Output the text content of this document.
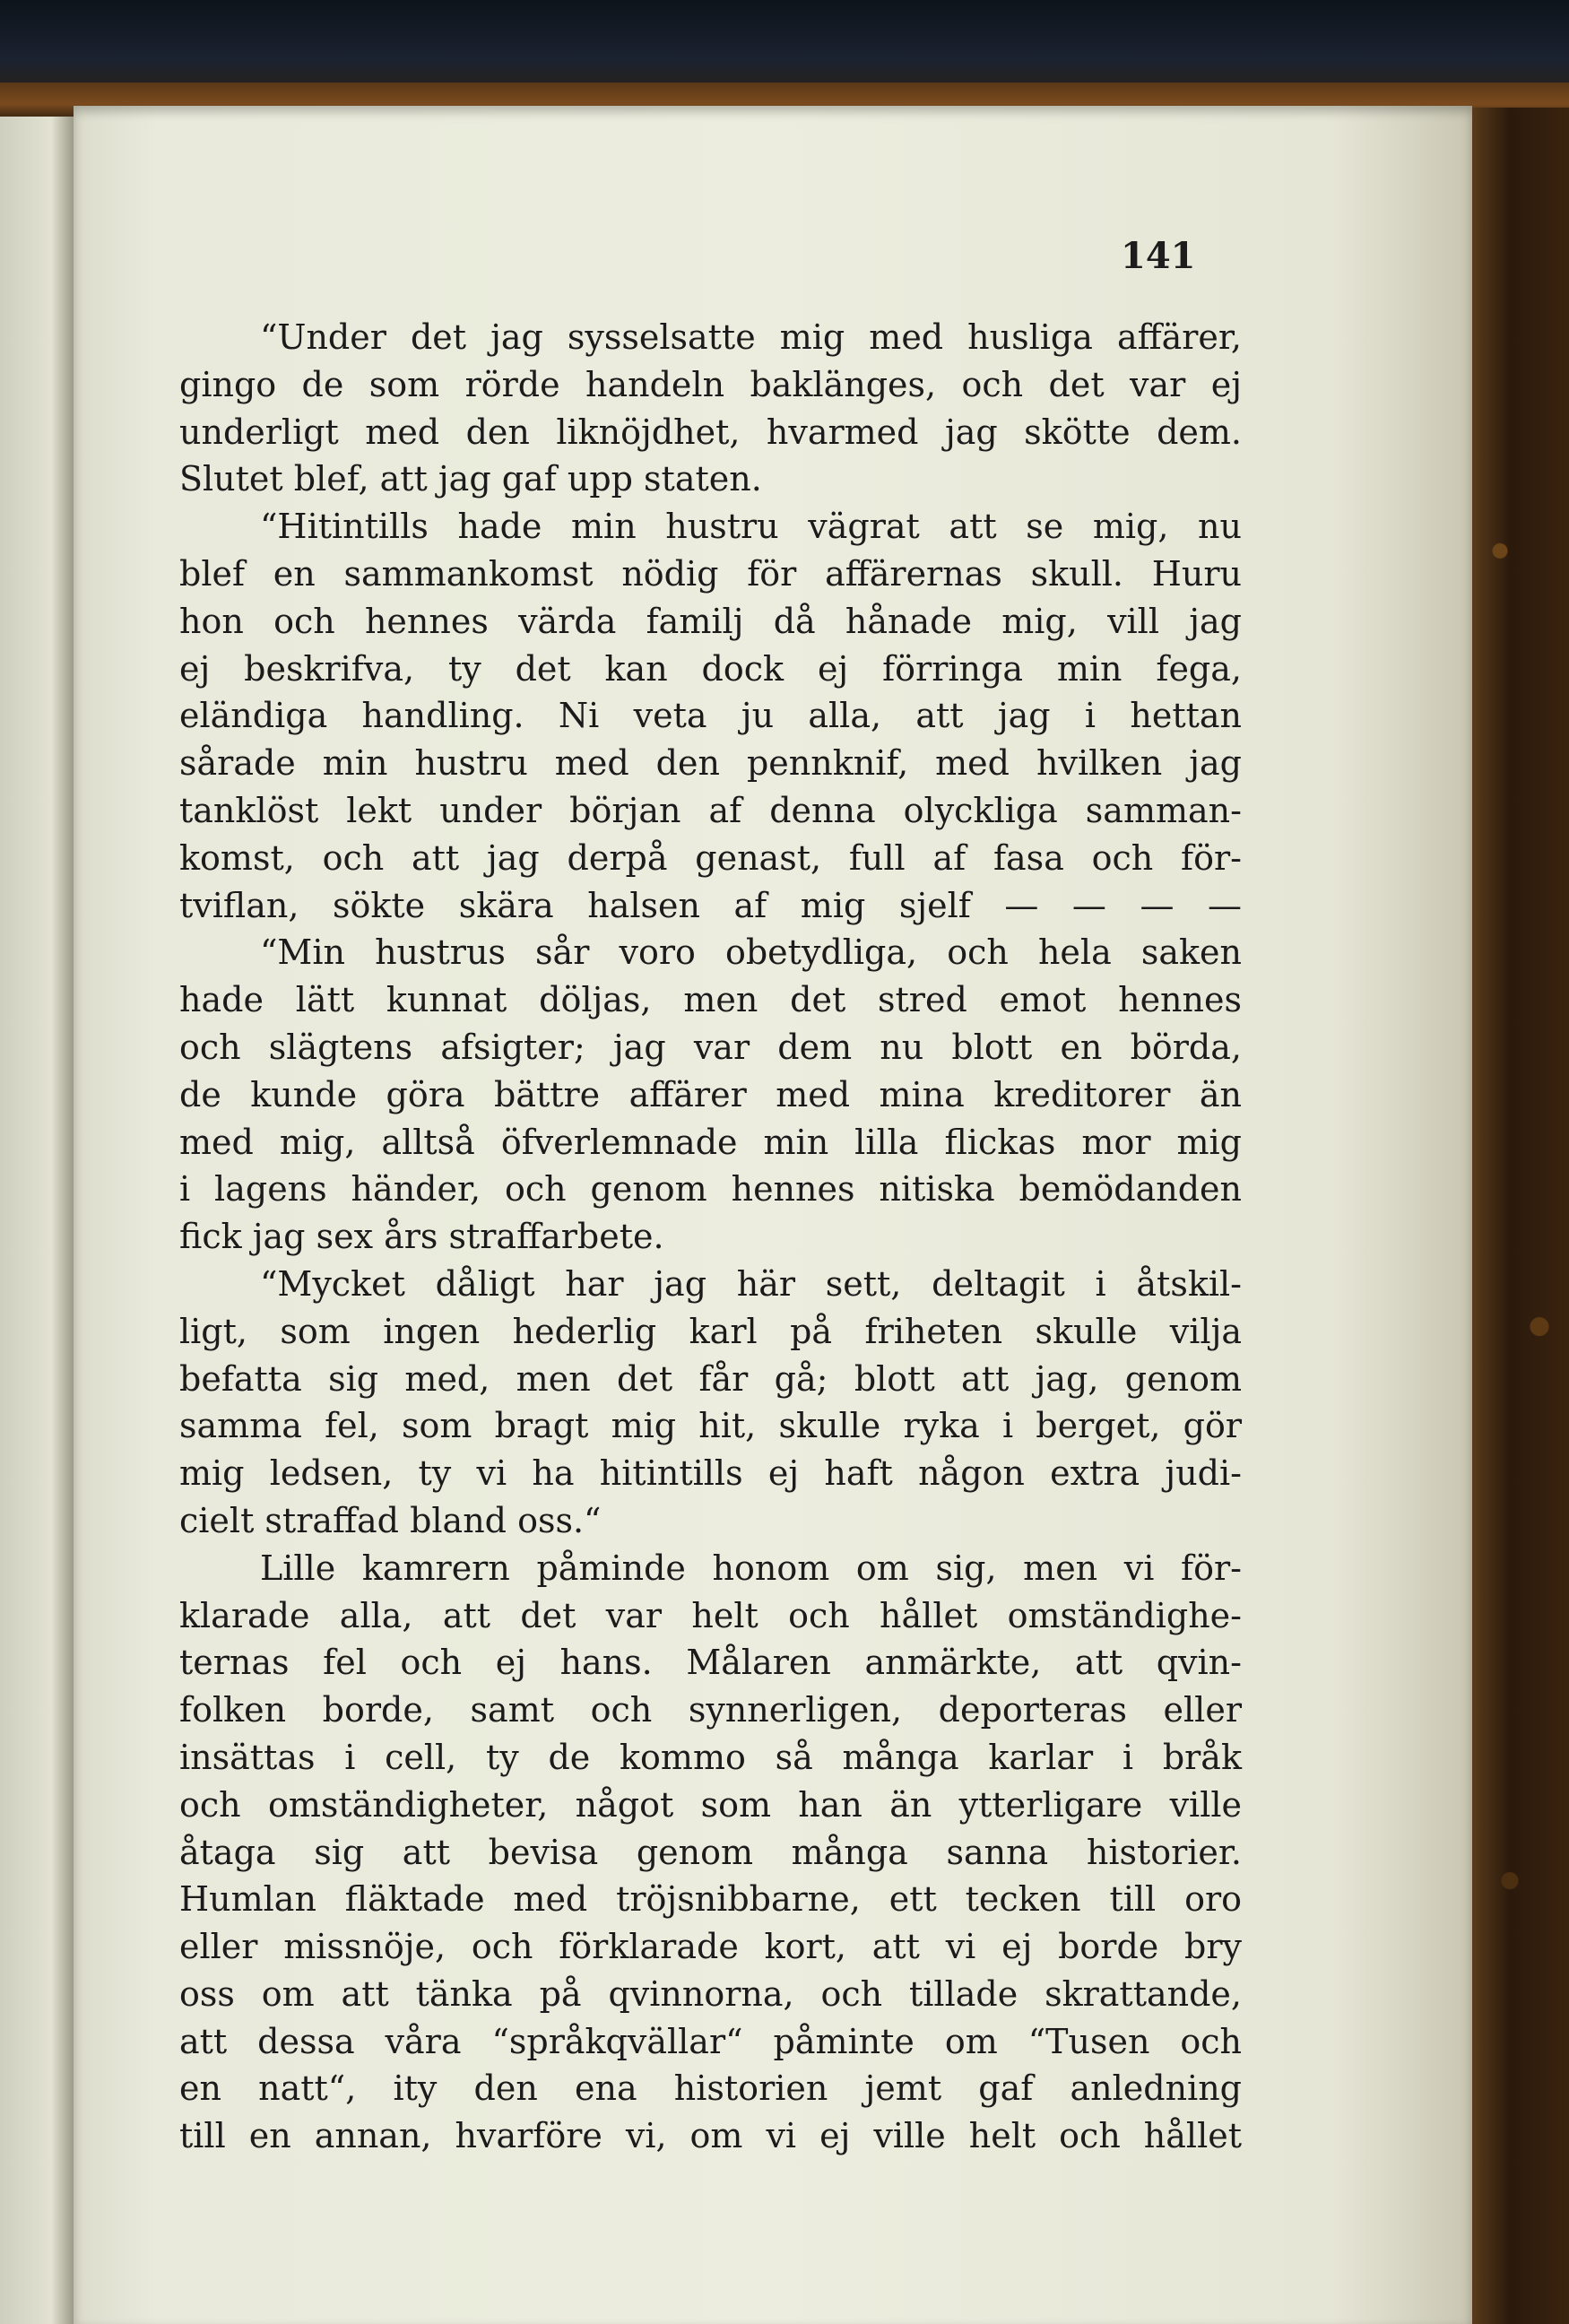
141
“Under det jag sysselsatte mig med husliga affärer,
gingo de som rörde handeln baklänges, och det var ej
underligt med den liknöjdhet, hvarmed jag skötte dem.
Slutet blef, att jag gaf upp staten.
“Hitintills hade min hustru vägrat att se mig, nu
blef en sammankomst nödig för affärernas skull. Huru
hon och hennes värda familj då hånade mig, vill jag
ej beskrifva, ty det kan dock ej förringa min fega,
eländiga handling. Ni veta ju alla, att jag i hettan
sårade min hustru med den pennknif, med hvilken jag
tanklöst lekt under början af denna olyckliga samman-
komst, och att jag derpå genast, full af fasa och för-
tviflan, sökte skära halsen af mig sjelf — — — —
“Min hustrus sår voro obetydliga, och hela saken
hade lätt kunnat döljas, men det stred emot hennes
och slägtens afsigter; jag var dem nu blott en börda,
de kunde göra bättre affärer med mina kreditorer än
med mig, alltså öfverlemnade min lilla flickas mor mig
i lagens händer, och genom hennes nitiska bemödanden
fick jag sex års straffarbete.
“Mycket dåligt har jag här sett, deltagit i åtskil-
ligt, som ingen hederlig karl på friheten skulle vilja
befatta sig med, men det får gå; blott att jag, genom
samma fel, som bragt mig hit, skulle ryka i berget, gör
mig ledsen, ty vi ha hitintills ej haft någon extra judi-
cielt straffad bland oss.“
Lille kamrern påminde honom om sig, men vi för-
klarade alla, att det var helt och hållet omständighe-
ternas fel och ej hans. Målaren anmärkte, att qvin-
folken borde, samt och synnerligen, deporteras eller
insättas i cell, ty de kommo så många karlar i bråk
och omständigheter, något som han än ytterligare ville
åtaga sig att bevisa genom många sanna historier.
Humlan fläktade med tröjsnibbarne, ett tecken till oro
eller missnöje, och förklarade kort, att vi ej borde bry
oss om att tänka på qvinnorna, och tillade skrattande,
att dessa våra “språkqvällar“ påminte om “Tusen och
en natt“, ity den ena historien jemt gaf anledning
till en annan, hvarföre vi, om vi ej ville helt och hållet
